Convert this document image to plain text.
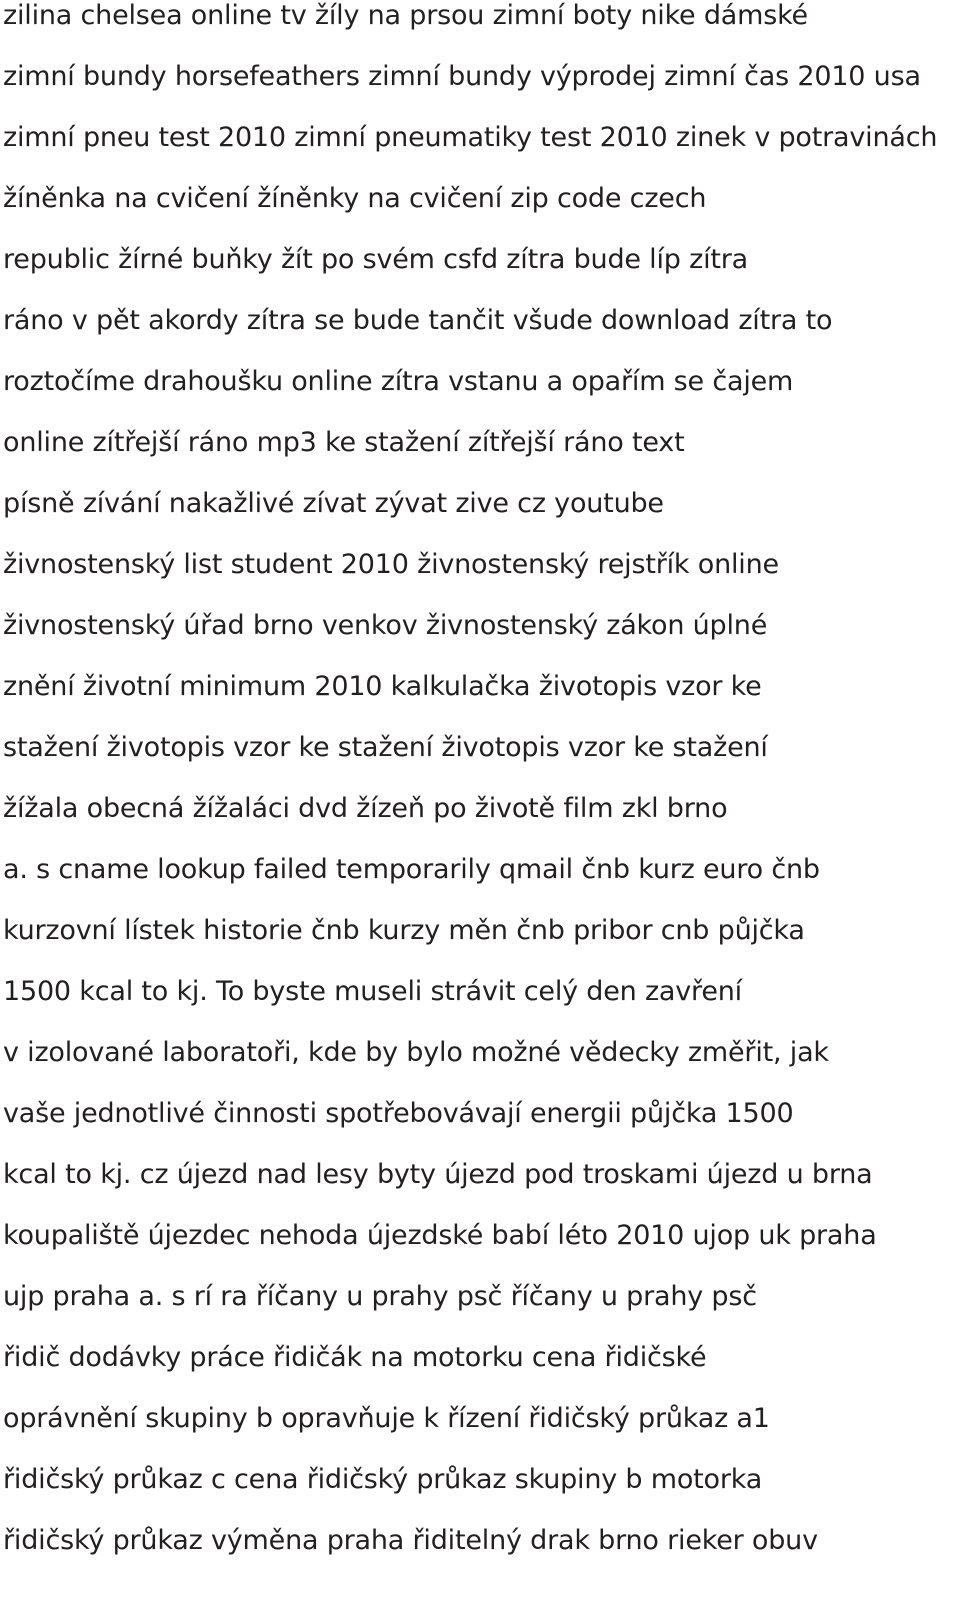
zilina chelsea online tv žíly na prsou zimní boty nike dámské

zimní bundy horsefeathers zimní bundy výprodej zimní čas 2010 usa

zimní pneu test 2010 zimní pneumatiky test 2010 zinek v potravinách

žíněnka na cvičení žíněnky na cvičení zip code czech

republic žírné buňky žít po svém csfd zítra bude líp zítra

ráno v pět akordy zítra se bude tančit všude download zítra to

roztočíme drahoušku online zítra vstanu a opařím se čajem

online zítřejší ráno mp3 ke stažení zítřejší ráno text

písně zívání nakažlivé zívat zývat zive cz youtube

živnostenský list student 2010 živnostenský rejstřík online

živnostenský úřad brno venkov živnostenský zákon úplné

znění životní minimum 2010 kalkulačka životopis vzor ke

stažení životopis vzor ke stažení životopis vzor ke stažení

žížala obecná žížaláci dvd žízeň po životě film zkl brno

a. s cname lookup failed temporarily qmail čnb kurz euro čnb

kurzovní lístek historie čnb kurzy měn čnb pribor cnb půjčka

1500 kcal to kj. To byste museli strávit celý den zavření

v izolované laboratoři, kde by bylo možné vědecky změřit, jak

vaše jednotlivé činnosti spotřebovávají energii půjčka 1500

kcal to kj. cz újezd nad lesy byty újezd pod troskami újezd u brna

koupaliště újezdec nehoda újezdské babí léto 2010 ujop uk praha

ujp praha a. s rí ra říčany u prahy psč říčany u prahy psč

řidič dodávky práce řidičák na motorku cena řidičské

oprávnění skupiny b opravňuje k řízení řidičský průkaz a1

řidičský průkaz c cena řidičský průkaz skupiny b motorka

řidičský průkaz výměna praha řiditelný drak brno rieker obuv
